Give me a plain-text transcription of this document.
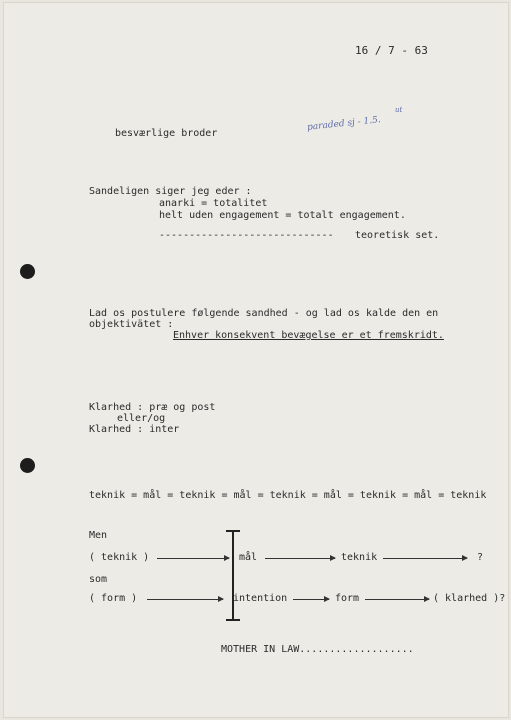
16 / 7 - 63
besværlige broder
paraded sj - 1.5.
ut
Sandeligen siger jeg eder :
anarki = totalitet
helt uden engagement = totalt engagement.
----------------------------- teoretisk set.
Lad os postulere følgende sandhed - og lad os kalde den en
objektivätet :
Enhver konsekvent bevægelse er et fremskridt.
Klarhed : præ og post
eller/og
Klarhed : inter
teknik = mål = teknik = mål = teknik = mål = teknik = mål = teknik
Men
( teknik )	mål	teknik	?
som
( form )	intention	form	( klarhed )?
MOTHER IN LAW...................
